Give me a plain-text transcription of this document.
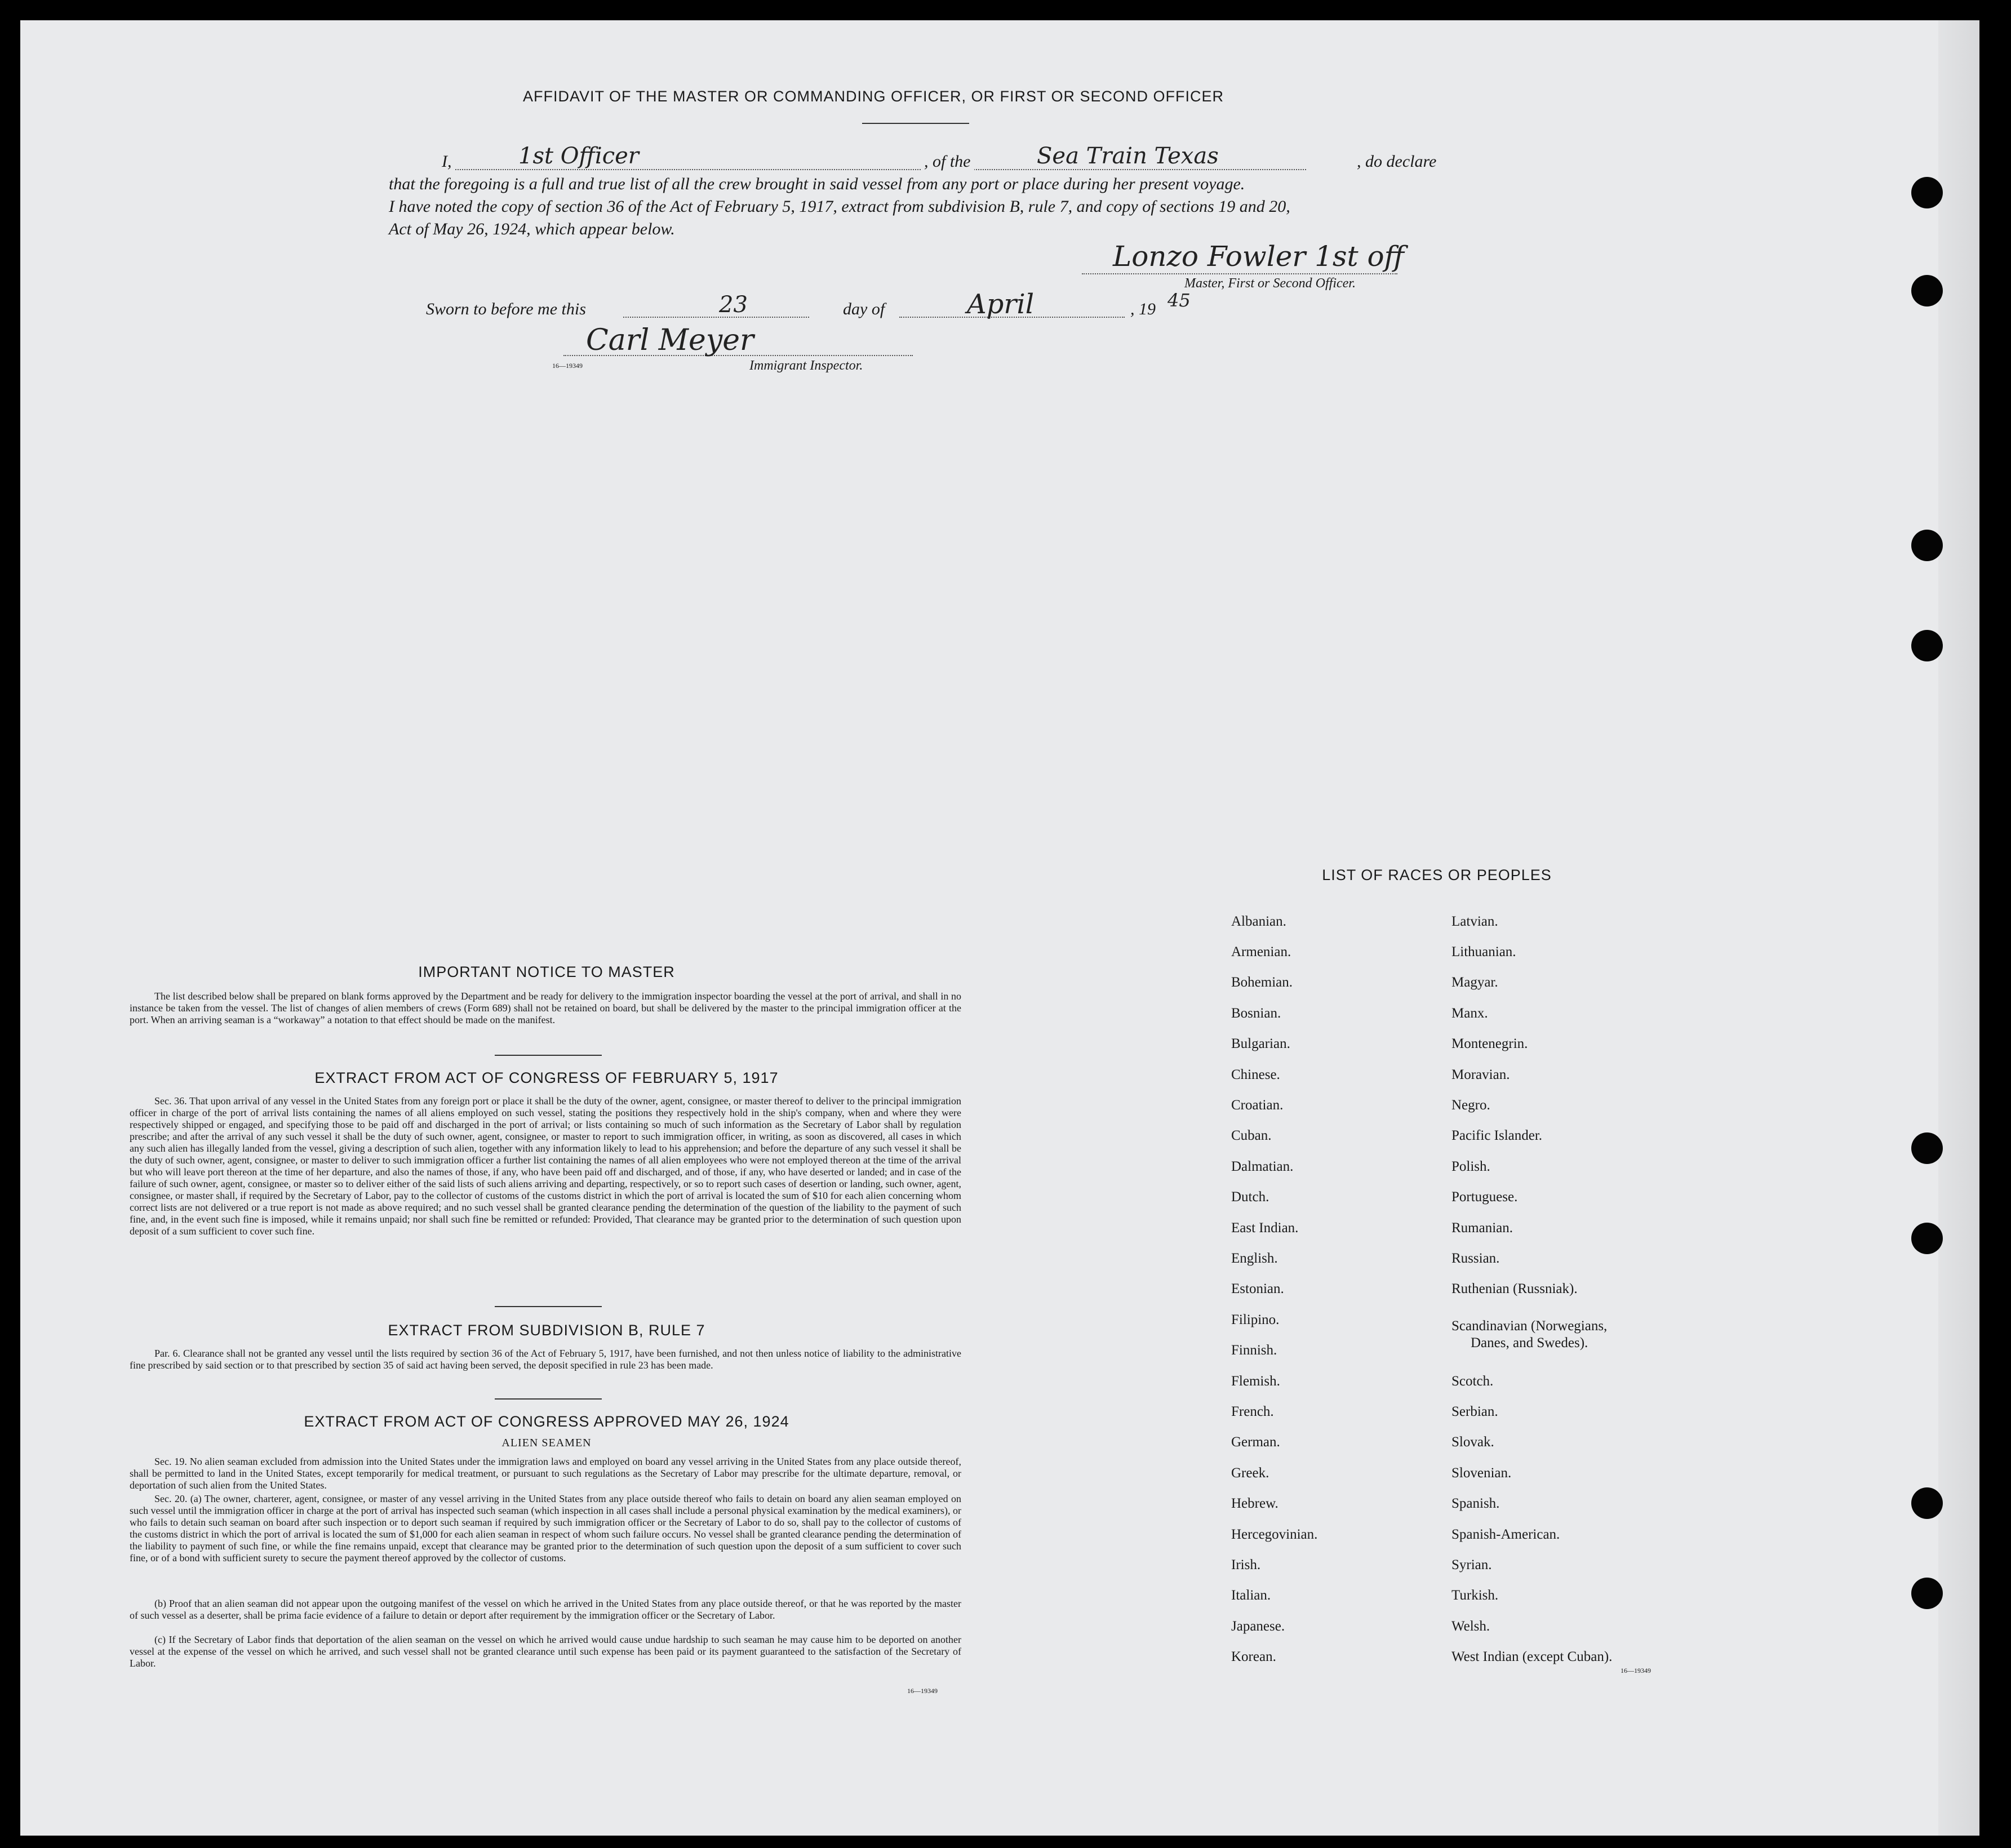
AFFIDAVIT OF THE MASTER OR COMMANDING OFFICER, OR FIRST OR SECOND OFFICER
I,	1st Officer	, of the	Sea Train Texas	, do declare
that the foregoing is a full and true list of all the crew brought in said vessel from any port or place during her present voyage.
I have noted the copy of section 36 of the Act of February 5, 1917, extract from subdivision B, rule 7, and copy of sections 19 and 20,
Act of May 26, 1924, which appear below.
Lonzo Fowler 1st off
Master, First or Second Officer.
Sworn to before me this	23	day of	April	, 19 45
Carl Meyer
16—19349	Immigrant Inspector.
IMPORTANT NOTICE TO MASTER
The list described below shall be prepared on blank forms approved by the Department and be ready for delivery to the immigration inspector boarding the vessel at the port of arrival, and shall in no instance be taken from the vessel. The list of changes of alien members of crews (Form 689) shall not be retained on board, but shall be delivered by the master to the principal immigration officer at the port. When an arriving seaman is a “workaway” a notation to that effect should be made on the manifest.
EXTRACT FROM ACT OF CONGRESS OF FEBRUARY 5, 1917
Sec. 36. That upon arrival of any vessel in the United States from any foreign port or place it shall be the duty of the owner, agent, consignee, or master thereof to deliver to the principal immigration officer in charge of the port of arrival lists containing the names of all aliens employed on such vessel, stating the positions they respectively hold in the ship's company, when and where they were respectively shipped or engaged, and specifying those to be paid off and discharged in the port of arrival; or lists containing so much of such information as the Secretary of Labor shall by regulation prescribe; and after the arrival of any such vessel it shall be the duty of such owner, agent, consignee, or master to report to such immigration officer, in writing, as soon as discovered, all cases in which any such alien has illegally landed from the vessel, giving a description of such alien, together with any information likely to lead to his apprehension; and before the departure of any such vessel it shall be the duty of such owner, agent, consignee, or master to deliver to such immigration officer a further list containing the names of all alien employees who were not employed thereon at the time of the arrival but who will leave port thereon at the time of her departure, and also the names of those, if any, who have been paid off and discharged, and of those, if any, who have deserted or landed; and in case of the failure of such owner, agent, consignee, or master so to deliver either of the said lists of such aliens arriving and departing, respectively, or so to report such cases of desertion or landing, such owner, agent, consignee, or master shall, if required by the Secretary of Labor, pay to the collector of customs of the customs district in which the port of arrival is located the sum of $10 for each alien concerning whom correct lists are not delivered or a true report is not made as above required; and no such vessel shall be granted clearance pending the determination of the question of the liability to the payment of such fine, and, in the event such fine is imposed, while it remains unpaid; nor shall such fine be remitted or refunded: Provided, That clearance may be granted prior to the determination of such question upon deposit of a sum sufficient to cover such fine.
EXTRACT FROM SUBDIVISION B, RULE 7
Par. 6. Clearance shall not be granted any vessel until the lists required by section 36 of the Act of February 5, 1917, have been furnished, and not then unless notice of liability to the administrative fine prescribed by said section or to that prescribed by section 35 of said act having been served, the deposit specified in rule 23 has been made.
EXTRACT FROM ACT OF CONGRESS APPROVED MAY 26, 1924
ALIEN SEAMEN
Sec. 19. No alien seaman excluded from admission into the United States under the immigration laws and employed on board any vessel arriving in the United States from any place outside thereof, shall be permitted to land in the United States, except temporarily for medical treatment, or pursuant to such regulations as the Secretary of Labor may prescribe for the ultimate departure, removal, or deportation of such alien from the United States.
Sec. 20. (a) The owner, charterer, agent, consignee, or master of any vessel arriving in the United States from any place outside thereof who fails to detain on board any alien seaman employed on such vessel until the immigration officer in charge at the port of arrival has inspected such seaman (which inspection in all cases shall include a personal physical examination by the medical examiners), or who fails to detain such seaman on board after such inspection or to deport such seaman if required by such immigration officer or the Secretary of Labor to do so, shall pay to the collector of customs of the customs district in which the port of arrival is located the sum of $1,000 for each alien seaman in respect of whom such failure occurs. No vessel shall be granted clearance pending the determination of the liability to payment of such fine, or while the fine remains unpaid, except that clearance may be granted prior to the determination of such question upon the deposit of a sum sufficient to cover such fine, or of a bond with sufficient surety to secure the payment thereof approved by the collector of customs.
(b) Proof that an alien seaman did not appear upon the outgoing manifest of the vessel on which he arrived in the United States from any place outside thereof, or that he was reported by the master of such vessel as a deserter, shall be prima facie evidence of a failure to detain or deport after requirement by the immigration officer or the Secretary of Labor.
(c) If the Secretary of Labor finds that deportation of the alien seaman on the vessel on which he arrived would cause undue hardship to such seaman he may cause him to be deported on another vessel at the expense of the vessel on which he arrived, and such vessel shall not be granted clearance until such expense has been paid or its payment guaranteed to the satisfaction of the Secretary of Labor.
16—19349
LIST OF RACES OR PEOPLES
Albanian.
Armenian.
Bohemian.
Bosnian.
Bulgarian.
Chinese.
Croatian.
Cuban.
Dalmatian.
Dutch.
East Indian.
English.
Estonian.
Filipino.
Finnish.
Flemish.
French.
German.
Greek.
Hebrew.
Hercegovinian.
Irish.
Italian.
Japanese.
Korean.
Latvian.
Lithuanian.
Magyar.
Manx.
Montenegrin.
Moravian.
Negro.
Pacific Islander.
Polish.
Portuguese.
Rumanian.
Russian.
Ruthenian (Russniak).
Scandinavian (Norwegians,
Danes, and Swedes).
Scotch.
Serbian.
Slovak.
Slovenian.
Spanish.
Spanish-American.
Syrian.
Turkish.
Welsh.
West Indian (except Cuban).
16—19349
